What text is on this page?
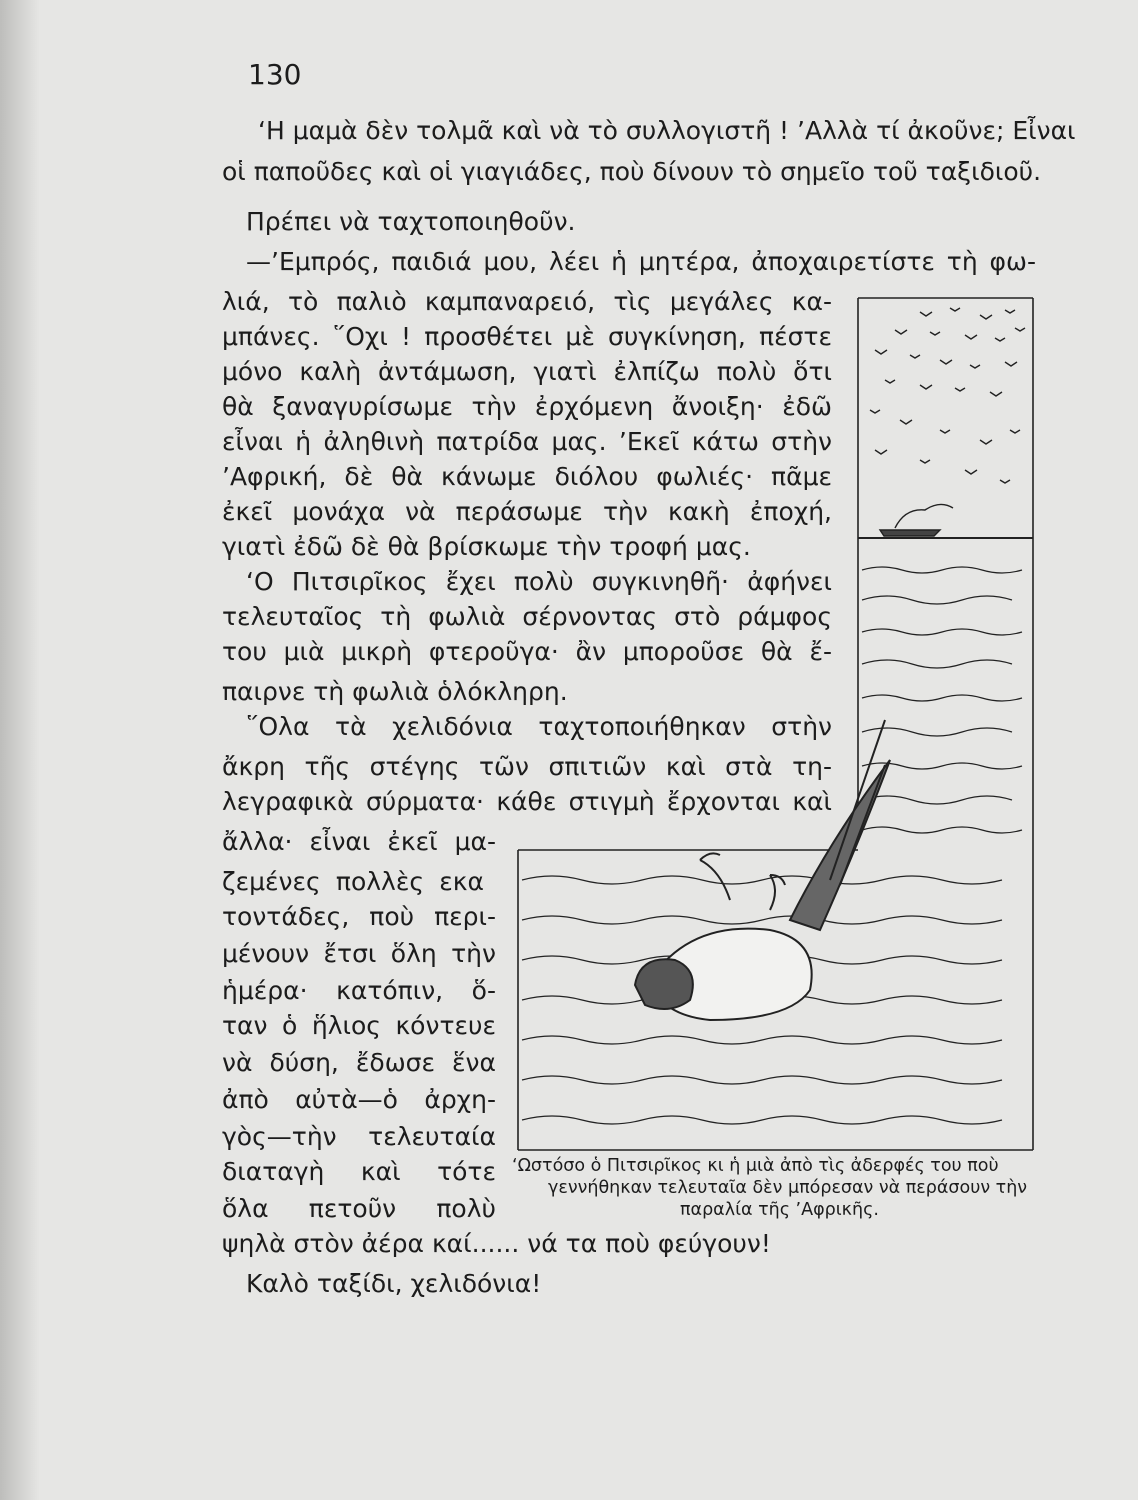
130
‘Η μαμὰ δὲν τολμᾶ καὶ νὰ τὸ συλλογιστῆ ! ’Αλλὰ τί ἀκοῦνε; Εἶναι
οἱ παποῦδες καὶ οἱ γιαγιάδες, ποὺ δίνουν τὸ σημεῖο τοῦ ταξιδιοῦ.
Πρέπει νὰ ταχτοποιηθοῦν.
—’Εμπρός, παιδιά μου, λέει ἡ μητέρα, ἀποχαιρετίστε τὴ φω-
λιά, τὸ παλιὸ καμπαναρειό, τὶς μεγάλες κα-
μπάνες. ῞Οχι ! προσθέτει μὲ συγκίνηση, πέστε
μόνο καλὴ ἀντάμωση, γιατὶ ἐλπίζω πολὺ ὅτι
θὰ ξαναγυρίσωμε τὴν ἐρχόμενη ἄνοιξη· ἐδῶ
εἶναι ἡ ἀληθινὴ πατρίδα μας. ’Εκεῖ κάτω στὴν
’Αφρική, δὲ θὰ κάνωμε διόλου φωλιές· πᾶμε
ἐκεῖ μονάχα νὰ περάσωμε τὴν κακὴ ἐποχή,
γιατὶ ἐδῶ δὲ θὰ βρίσκωμε τὴν τροφή μας.
‘Ο Πιτσιρῖκος ἔχει πολὺ συγκινηθῆ· ἀφήνει
τελευταῖος τὴ φωλιὰ σέρνοντας στὸ ράμφος
του μιὰ μικρὴ φτεροῦγα· ἂν μποροῦσε θὰ ἔ-
παιρνε τὴ φωλιὰ ὁλόκληρη.
῞Ολα τὰ χελιδόνια ταχτοποιήθηκαν στὴν
ἄκρη τῆς στέγης τῶν σπιτιῶν καὶ στὰ τη-
λεγραφικὰ σύρματα· κάθε στιγμὴ ἔρχονται καὶ
ἄλλα· εἶναι ἐκεῖ μα-
ζεμένες πολλὲς εκα
τοντάδες, ποὺ περι-
μένουν ἔτσι ὅλη τὴν
ἡμέρα· κατόπιν, ὅ-
ταν ὁ ἥλιος κόντευε
νὰ δύση, ἔδωσε ἕνα
ἀπὸ αὐτὰ—ὁ ἀρχη-
γὸς—τὴν τελευταία
διαταγὴ καὶ τότε
ὅλα πετοῦν πολὺ
ψηλὰ στὸν ἀέρα καί...... νά τα ποὺ φεύγουν!
Καλὸ ταξίδι, χελιδόνια!
‘Ωστόσο ὁ Πιτσιρῖκος κι ἡ μιὰ ἀπὸ τὶς ἀδερφές του ποὺ
γεννήθηκαν τελευταῖα δὲν μπόρεσαν νὰ περάσουν τὴν
παραλία τῆς ’Αφρικῆς.
